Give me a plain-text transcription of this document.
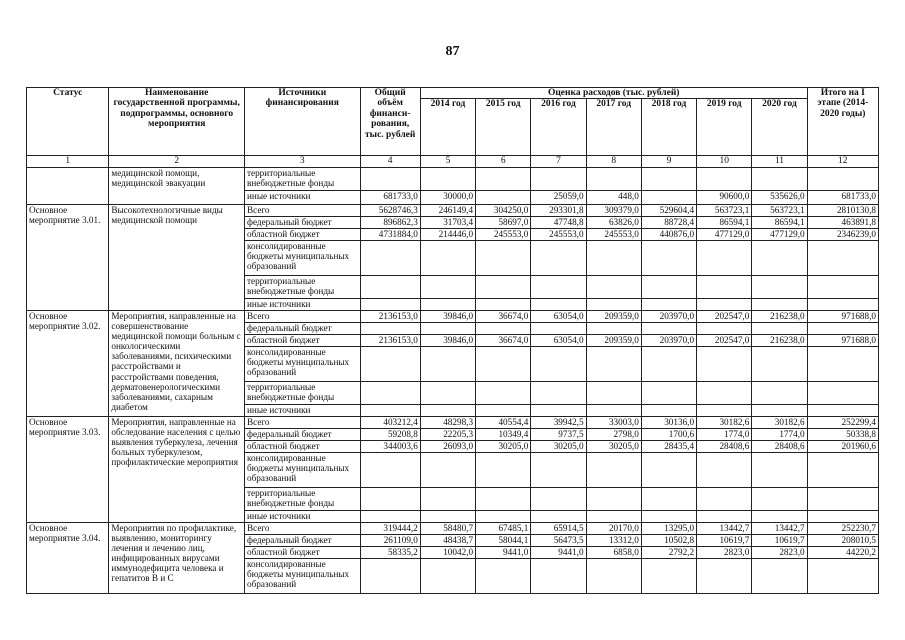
87
Статус	Наименование государственной программы, подпрограммы, основного мероприятия	Источники финансирования	Общий объём финанси-рования, тыс. рублей	Оценка расходов (тыс. рублей)							Итого на I этапе (2014-2020 годы)
				2014 год	2015 год	2016 год	2017 год	2018 год	2019 год	2020 год	
1	2	3	4	5	6	7	8	9	10	11	12
	медицинской помощи, медицинской эвакуации	территориальные внебюджетные фонды									
		иные источники	681733,0	30000,0		25059,0	448,0		90600,0	535626,0	681733,0
Основное мероприятие 3.01.	Высокотехнологичные виды медицинской помощи	Всего	5628746,3	246149,4	304250,0	293301,8	309379,0	529604,4	563723,1	563723,1	2810130,8
		федеральный бюджет	896862,3	31703,4	58697,0	47748,8	63826,0	88728,4	86594,1	86594,1	463891,8
		областной бюджет	4731884,0	214446,0	245553,0	245553,0	245553,0	440876,0	477129,0	477129,0	2346239,0
		консолидированные бюджеты муниципальных образований									
		территориальные внебюджетные фонды									
		иные источники									
Основное мероприятие 3.02.	Мероприятия, направленные на совершенствование медицинской помощи больным с онкологическими заболеваниями, психическими расстройствами и расстройствами поведения, дерматовенерологическими заболеваниями, сахарным диабетом	Всего	2136153,0	39846,0	36674,0	63054,0	209359,0	203970,0	202547,0	216238,0	971688,0
		федеральный бюджет									
		областной бюджет	2136153,0	39846,0	36674,0	63054,0	209359,0	203970,0	202547,0	216238,0	971688,0
		консолидированные бюджеты муниципальных образований									
		территориальные внебюджетные фонды									
		иные источники									
Основное мероприятие 3.03.	Мероприятия, направленные на обследование населения с целью выявления туберкулеза, лечения больных туберкулезом, профилактические мероприятия	Всего	403212,4	48298,3	40554,4	39942,5	33003,0	30136,0	30182,6	30182,6	252299,4
		федеральный бюджет	59208,8	22205,3	10349,4	9737,5	2798,0	1700,6	1774,0	1774,0	50338,8
		областной бюджет	344003,6	26093,0	30205,0	30205,0	30205,0	28435,4	28408,6	28408,6	201960,6
		консолидированные бюджеты муниципальных образований									
		территориальные внебюджетные фонды									
		иные источники									
Основное мероприятие 3.04.	Мероприятия по профилактике, выявлению, мониторингу лечения и лечению лиц, инфицированных вирусами иммунодефицита человека и гепатитов B и C	Всего	319444,2	58480,7	67485,1	65914,5	20170,0	13295,0	13442,7	13442,7	252230,7
		федеральный бюджет	261109,0	48438,7	58044,1	56473,5	13312,0	10502,8	10619,7	10619,7	208010,5
		областной бюджет	58335,2	10042,0	9441,0	9441,0	6858,0	2792,2	2823,0	2823,0	44220,2
		консолидированные бюджеты муниципальных образований									
